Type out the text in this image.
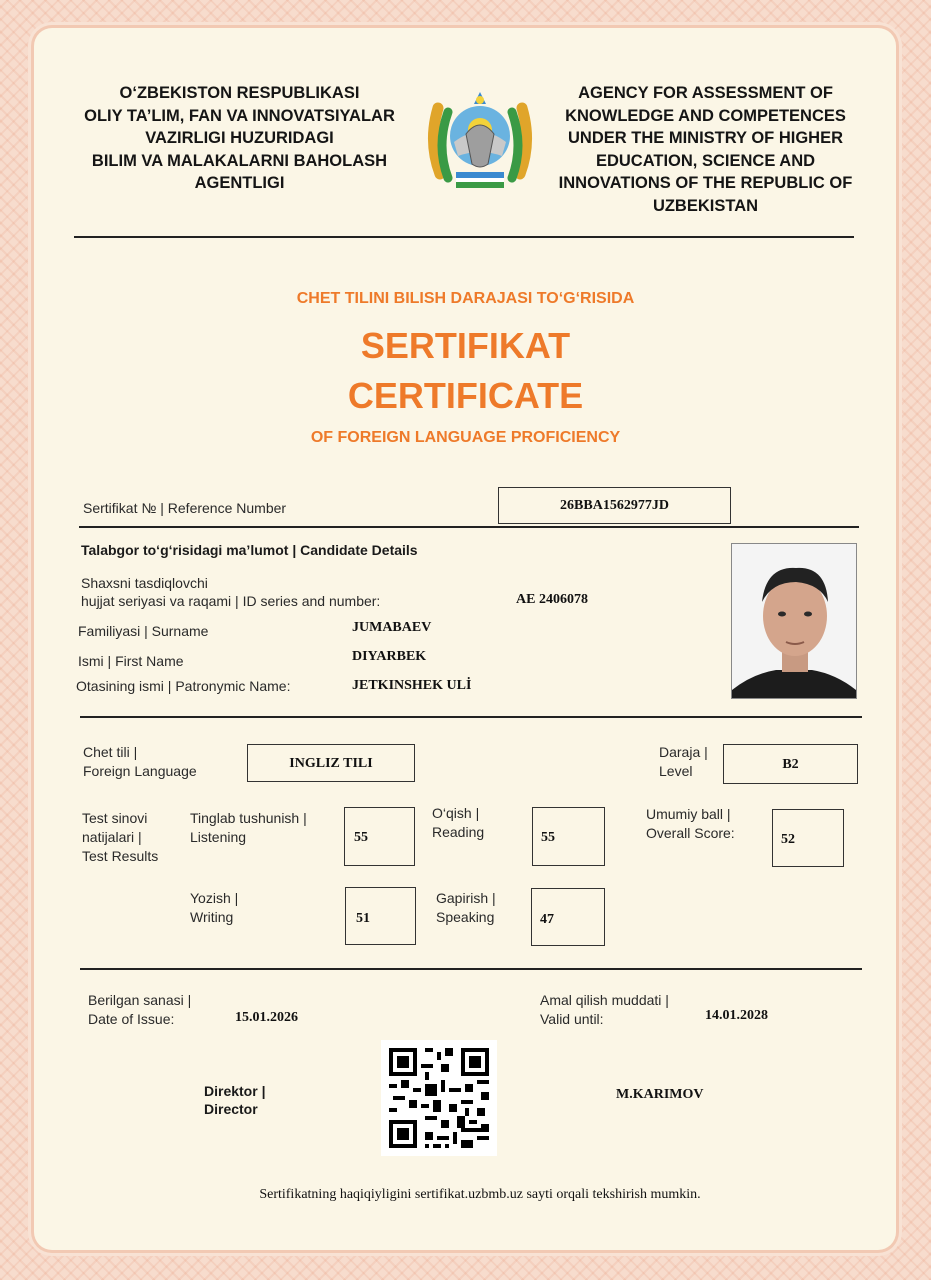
O‘ZBEKISTON RESPUBLIKASI
OLIY TA’LIM, FAN VA INNOVATSIYALAR
VAZIRLIGI HUZURIDAGI
BILIM VA MALAKALARNI BAHOLASH
AGENTLIGI
AGENCY FOR ASSESSMENT OF
KNOWLEDGE AND COMPETENCES
UNDER THE MINISTRY OF HIGHER
EDUCATION, SCIENCE AND
INNOVATIONS OF THE REPUBLIC OF
UZBEKISTAN
CHET TILINI BILISH DARAJASI TO‘G‘RISIDA
SERTIFIKAT
CERTIFICATE
OF FOREIGN LANGUAGE PROFICIENCY
Sertifikat № | Reference Number	26BBA1562977JD
Talabgor to‘g‘risidagi ma’lumot | Candidate Details
Shaxsni tasdiqlovchi
hujjat seriyasi va raqami | ID series and number:	AE 2406078
Familiyasi | Surname	JUMABAEV
Ismi | First Name	DIYARBEK
Otasining ismi | Patronymic Name:	JETKINSHEK ULİ
Chet tili |
Foreign Language	INGLIZ TILI
Daraja |
Level	B2
Test sinovi
natijalari |
Test Results
Tinglab tushunish |
Listening	55
O‘qish |
Reading	55
Umumiy ball |
Overall Score:	52
Yozish |
Writing	51
Gapirish |
Speaking	47
Berilgan sanasi |
Date of Issue:	15.01.2026
Amal qilish muddati |
Valid until:	14.01.2028
Direktor |
Director
M.KARIMOV
Sertifikatning haqiqiyligini sertifikat.uzbmb.uz sayti orqali tekshirish mumkin.
